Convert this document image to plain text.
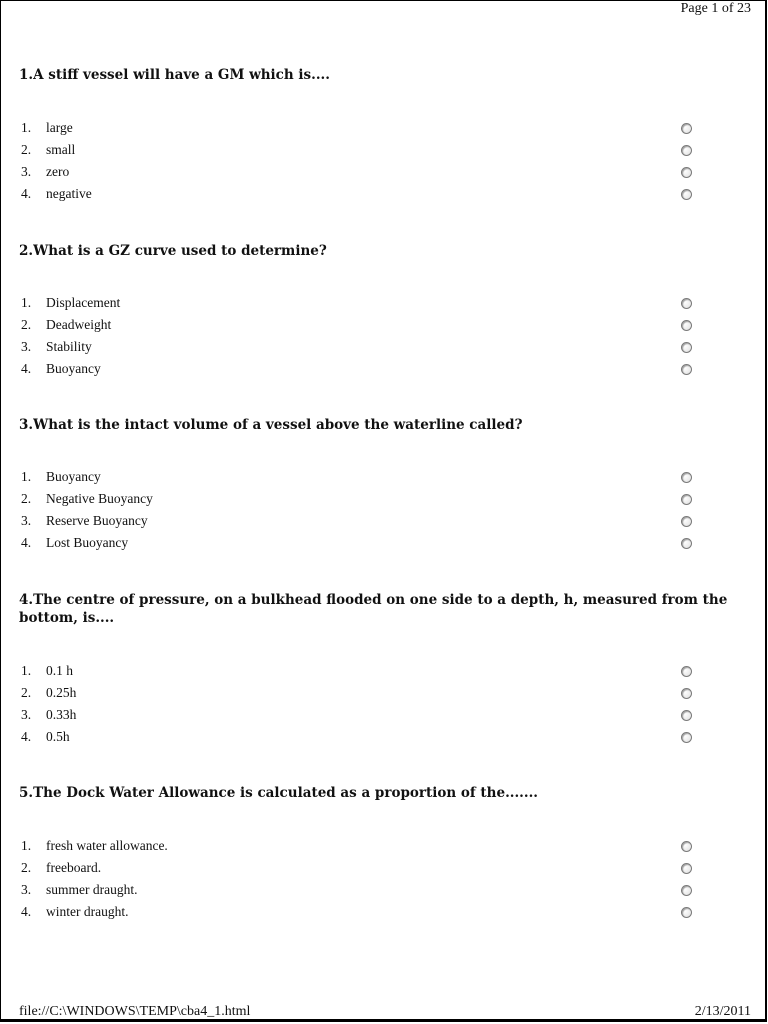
Page 1 of 23
1.A stiff vessel will have a GM which is....
1.	large
2.	small
3.	zero
4.	negative
2.What is a GZ curve used to determine?
1.	Displacement
2.	Deadweight
3.	Stability
4.	Buoyancy
3.What is the intact volume of a vessel above the waterline called?
1.	Buoyancy
2.	Negative Buoyancy
3.	Reserve Buoyancy
4.	Lost Buoyancy
4.The centre of pressure, on a bulkhead flooded on one side to a depth, h, measured from the bottom, is....
1.	0.1 h
2.	0.25h
3.	0.33h
4.	0.5h
5.The Dock Water Allowance is calculated as a proportion of the.......
1.	fresh water allowance.
2.	freeboard.
3.	summer draught.
4.	winter draught.
file://C:\WINDOWS\TEMP\cba4_1.html	2/13/2011
